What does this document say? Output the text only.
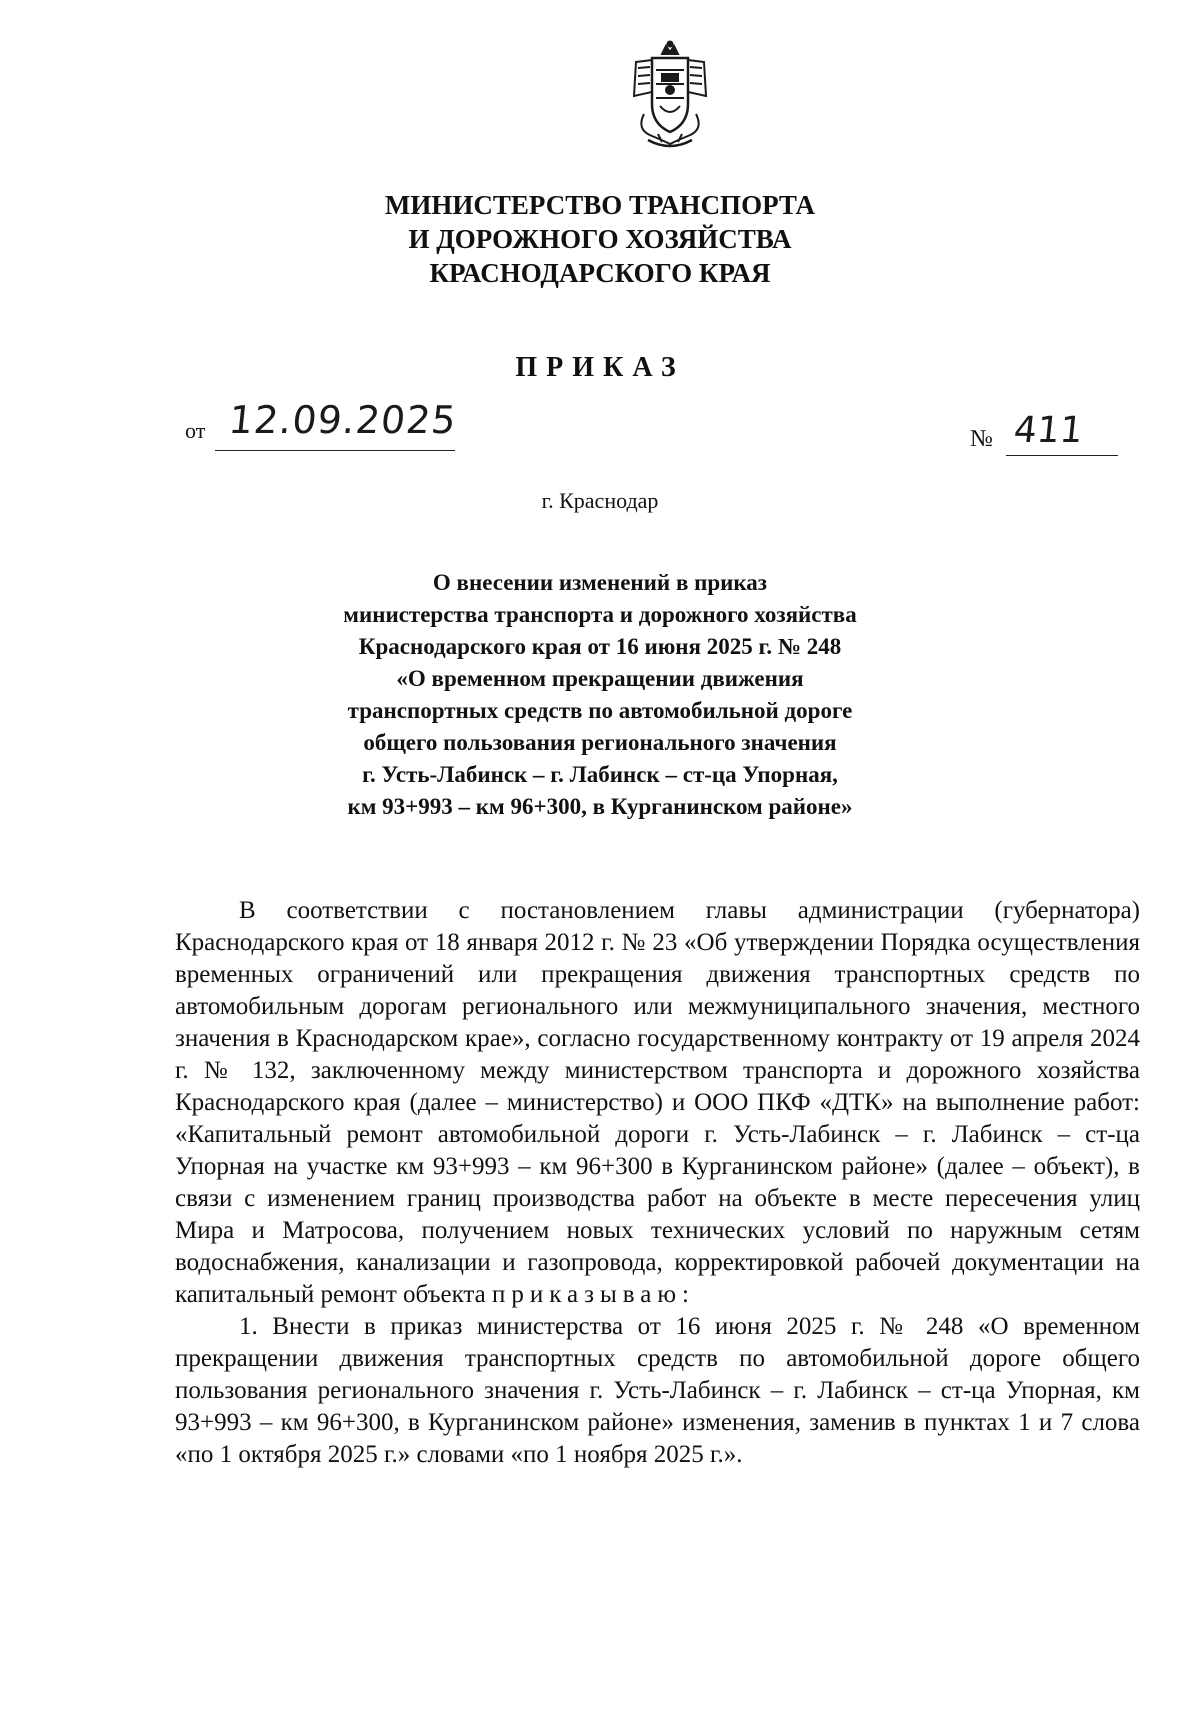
МИНИСТЕРСТВО ТРАНСПОРТА
И ДОРОЖНОГО ХОЗЯЙСТВА
КРАСНОДАРСКОГО КРАЯ
ПРИКАЗ
от 12.09.2025	№ 411
г. Краснодар
О внесении изменений в приказ
министерства транспорта и дорожного хозяйства
Краснодарского края от 16 июня 2025 г. № 248
«О временном прекращении движения
транспортных средств по автомобильной дороге
общего пользования регионального значения
г. Усть-Лабинск – г. Лабинск – ст-ца Упорная,
км 93+993 – км 96+300, в Курганинском районе»

В соответствии с постановлением главы администрации (губернатора) Краснодарского края от 18 января 2012 г. № 23 «Об утверждении Порядка осуществления временных ограничений или прекращения движения транспортных средств по автомобильным дорогам регионального или межмуниципального значения, местного значения в Краснодарском крае», согласно государственному контракту от 19 апреля 2024 г. № 132, заключенному между министерством транспорта и дорожного хозяйства Краснодарского края (далее – министерство) и ООО ПКФ «ДТК» на выполнение работ: «Капитальный ремонт автомобильной дороги г. Усть-Лабинск – г. Лабинск – ст-ца Упорная на участке км 93+993 – км 96+300 в Курганинском районе» (далее – объект), в связи с изменением границ производства работ на объекте в месте пересечения улиц Мира и Матросова, получением новых технических условий по наружным сетям водоснабжения, канализации и газопровода, корректировкой рабочей документации на капитальный ремонт объекта приказываю:

1. Внести в приказ министерства от 16 июня 2025 г. № 248 «О временном прекращении движения транспортных средств по автомобильной дороге общего пользования регионального значения г. Усть-Лабинск – г. Лабинск – ст-ца Упорная, км 93+993 – км 96+300, в Курганинском районе» изменения, заменив в пунктах 1 и 7 слова «по 1 октября 2025 г.» словами «по 1 ноября 2025 г.».
